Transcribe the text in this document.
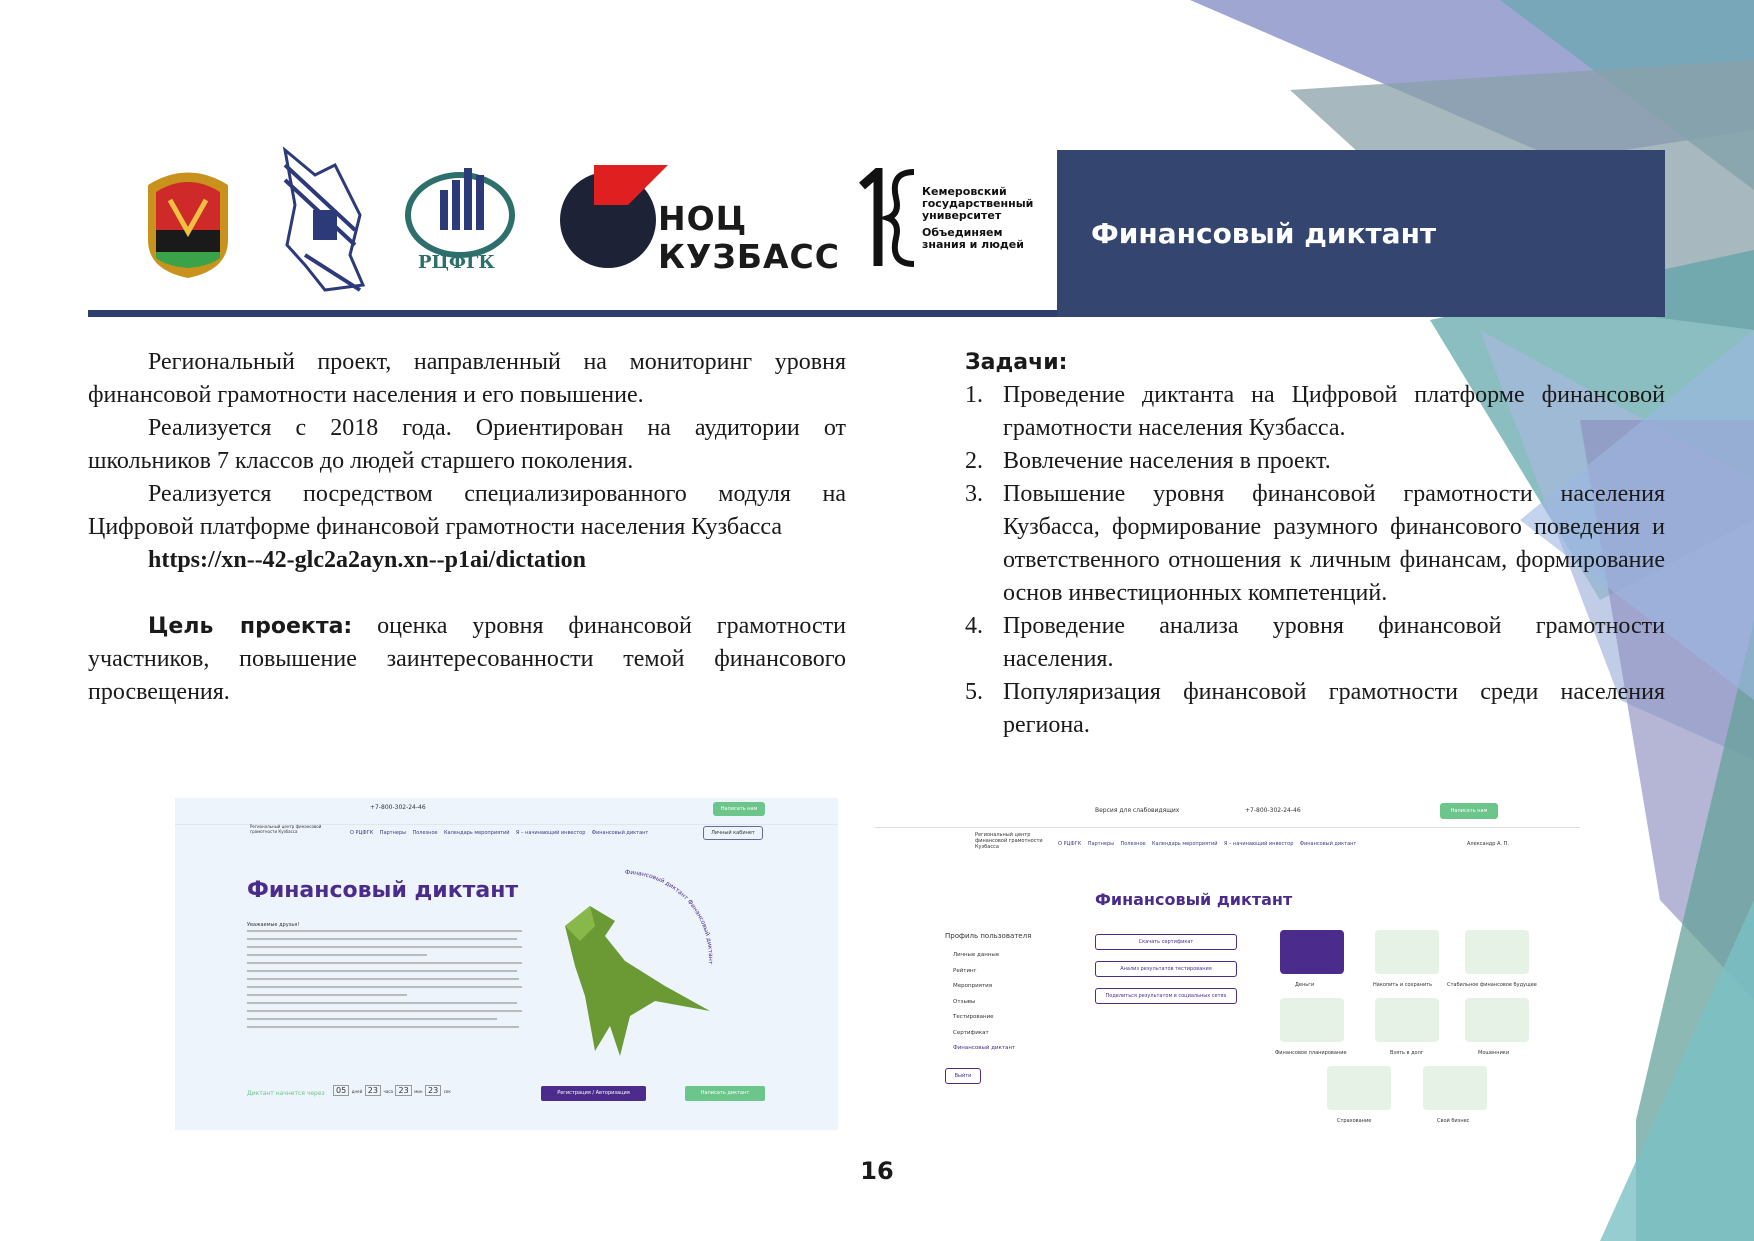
РЦФГК
НОЦ
КУЗБАСС
Кемеровский
государственный
университет
Объединяем
знания и людей	Финансовый диктант

Региональный проект, направленный на мониторинг уровня финансовой грамотности населения и его повышение.

Реализуется с 2018 года. Ориентирован на аудитории от школьников 7 классов до людей старшего поколения.

Реализуется посредством специализированного модуля на Цифровой платформе финансовой грамотности населения Кузбасса

https://xn--42-glc2a2ayn.xn--p1ai/dictation

Цель проекта: оценка уровня финансовой грамотности участников, повышение заинтересованности темой финансового просвещения.

Задачи:
1. Проведение диктанта на Цифровой платформе финансовой грамотности населения Кузбасса.
2. Вовлечение населения в проект.
3. Повышение уровня финансовой грамотности населения Кузбасса, формирование разумного финансового поведения и ответственного отношения к личным финансам, формирование основ инвестиционных компетенций.
4. Проведение анализа уровня финансовой грамотности населения.
5. Популяризация финансовой грамотности среди населения региона.
+7-800-302-24-46	Написать нам
Региональный центр финансовой грамотности Кузбасса	О РЦФГК Партнеры Полезное Календарь мероприятий Я – начинающий инвестор Финансовый диктант	Личный кабинет
Финансовый диктант
Уважаемые друзья!
Диктант начнется через	05 дней 23 часа 23 мин 23 сек	Регистрация / Авторизация	Написать диктант
Финансовый диктант Финансовый диктант
Версия для слабовидящих	+7-800-302-24-46	Написать нам
Региональный центр финансовой грамотности Кузбасса	О РЦФГК Партнеры Полезное Календарь мероприятий Я – начинающий инвестор Финансовый диктант	Александр А. П.
Финансовый диктант
Профиль пользователя
Личные данные
Рейтинг
Мероприятия
Отзывы
Тестирование
Сертификат
Финансовый диктант
Выйти
Скачать сертификат
Анализ результатов тестирования
Поделиться результатом в социальных сетях
Деньги	Накопить и сохранить	Стабильное финансовое будущее
Финансовое планирование	Взять в долг	Мошенники
Страхование	Свой бизнес
16
